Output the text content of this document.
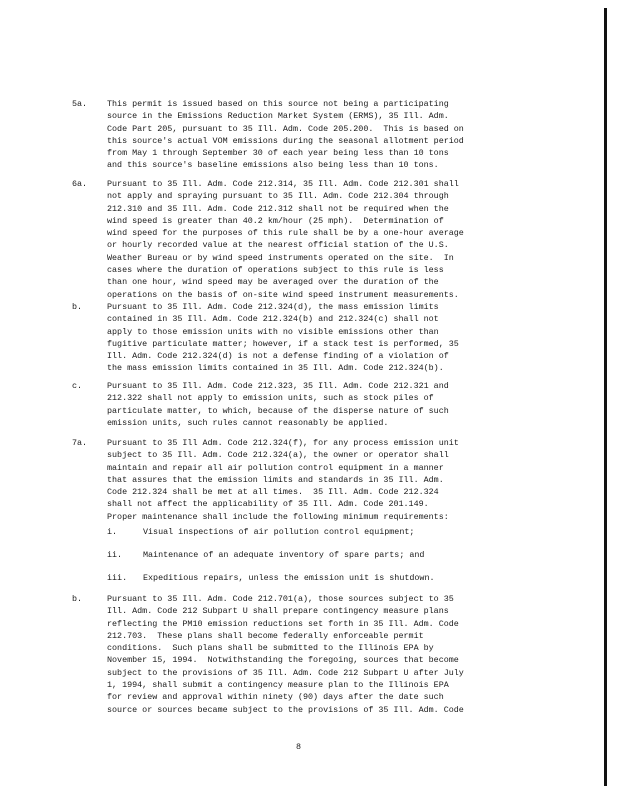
5a. This permit is issued based on this source not being a participating
source in the Emissions Reduction Market System (ERMS), 35 Ill. Adm.
Code Part 205, pursuant to 35 Ill. Adm. Code 205.200.  This is based on
this source's actual VOM emissions during the seasonal allotment period
from May 1 through September 30 of each year being less than 10 tons
and this source's baseline emissions also being less than 10 tons.
6a. Pursuant to 35 Ill. Adm. Code 212.314, 35 Ill. Adm. Code 212.301 shall
not apply and spraying pursuant to 35 Ill. Adm. Code 212.304 through
212.310 and 35 Ill. Adm. Code 212.312 shall not be required when the
wind speed is greater than 40.2 km/hour (25 mph).  Determination of
wind speed for the purposes of this rule shall be by a one-hour average
or hourly recorded value at the nearest official station of the U.S.
Weather Bureau or by wind speed instruments operated on the site.  In
cases where the duration of operations subject to this rule is less
than one hour, wind speed may be averaged over the duration of the
operations on the basis of on-site wind speed instrument measurements.
b.	Pursuant to 35 Ill. Adm. Code 212.324(d), the mass emission limits
contained in 35 Ill. Adm. Code 212.324(b) and 212.324(c) shall not
apply to those emission units with no visible emissions other than
fugitive particulate matter; however, if a stack test is performed, 35
Ill. Adm. Code 212.324(d) is not a defense finding of a violation of
the mass emission limits contained in 35 Ill. Adm. Code 212.324(b).
c.	Pursuant to 35 Ill. Adm. Code 212.323, 35 Ill. Adm. Code 212.321 and
212.322 shall not apply to emission units, such as stock piles of
particulate matter, to which, because of the disperse nature of such
emission units, such rules cannot reasonably be applied.
7a. Pursuant to 35 Ill Adm. Code 212.324(f), for any process emission unit
subject to 35 Ill. Adm. Code 212.324(a), the owner or operator shall
maintain and repair all air pollution control equipment in a manner
that assures that the emission limits and standards in 35 Ill. Adm.
Code 212.324 shall be met at all times.  35 Ill. Adm. Code 212.324
shall not affect the applicability of 35 Ill. Adm. Code 201.149.
Proper maintenance shall include the following minimum requirements:
i.	Visual inspections of air pollution control equipment;
ii. Maintenance of an adequate inventory of spare parts; and
iii. Expeditious repairs, unless the emission unit is shutdown.
b.	Pursuant to 35 Ill. Adm. Code 212.701(a), those sources subject to 35
Ill. Adm. Code 212 Subpart U shall prepare contingency measure plans
reflecting the PM10 emission reductions set forth in 35 Ill. Adm. Code
212.703.  These plans shall become federally enforceable permit
conditions.  Such plans shall be submitted to the Illinois EPA by
November 15, 1994.  Notwithstanding the foregoing, sources that become
subject to the provisions of 35 Ill. Adm. Code 212 Subpart U after July
1, 1994, shall submit a contingency measure plan to the Illinois EPA
for review and approval within ninety (90) days after the date such
source or sources became subject to the provisions of 35 Ill. Adm. Code
8
